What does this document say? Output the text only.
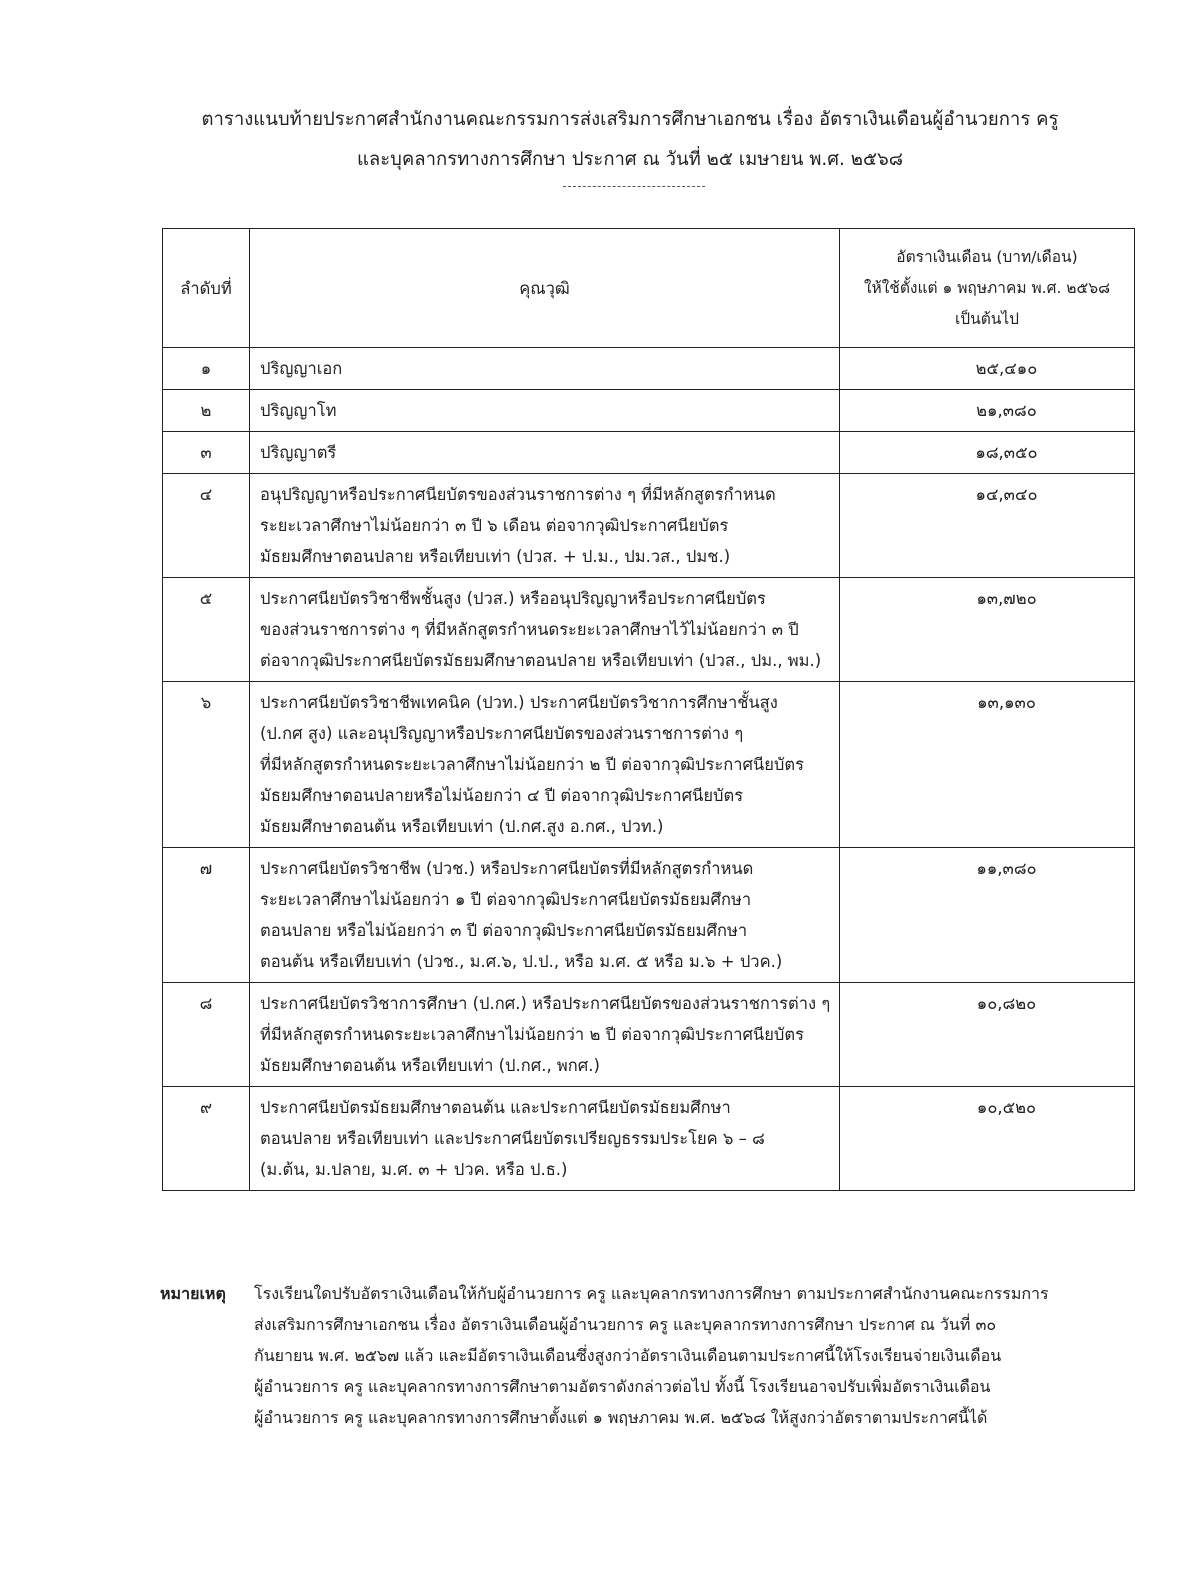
ตารางแนบท้ายประกาศสำนักงานคณะกรรมการส่งเสริมการศึกษาเอกชน เรื่อง อัตราเงินเดือนผู้อำนวยการ ครู
และบุคลากรทางการศึกษา ประกาศ ณ วันที่ ๒๕ เมษายน พ.ศ. ๒๕๖๘
ลำดับที่	คุณวุฒิ	อัตราเงินเดือน (บาท/เดือน)
ให้ใช้ตั้งแต่ ๑ พฤษภาคม พ.ศ. ๒๕๖๘
เป็นต้นไป

๑	ปริญญาเอก	๒๕,๔๑๐
๒	ปริญญาโท	๒๑,๓๘๐
๓	ปริญญาตรี	๑๘,๓๕๐
๔	อนุปริญญาหรือประกาศนียบัตรของส่วนราชการต่าง ๆ ที่มีหลักสูตรกำหนด
ระยะเวลาศึกษาไม่น้อยกว่า ๓ ปี ๖ เดือน ต่อจากวุฒิประกาศนียบัตร
มัธยมศึกษาตอนปลาย หรือเทียบเท่า (ปวส. + ป.ม., ปม.วส., ปมช.)	๑๔,๓๔๐
๕	ประกาศนียบัตรวิชาชีพชั้นสูง (ปวส.) หรืออนุปริญญาหรือประกาศนียบัตร
ของส่วนราชการต่าง ๆ ที่มีหลักสูตรกำหนดระยะเวลาศึกษาไว้ไม่น้อยกว่า ๓ ปี
ต่อจากวุฒิประกาศนียบัตรมัธยมศึกษาตอนปลาย หรือเทียบเท่า (ปวส., ปม., พม.)	๑๓,๗๒๐
๖	ประกาศนียบัตรวิชาชีพเทคนิค (ปวท.) ประกาศนียบัตรวิชาการศึกษาชั้นสูง
(ป.กศ สูง) และอนุปริญญาหรือประกาศนียบัตรของส่วนราชการต่าง ๆ
ที่มีหลักสูตรกำหนดระยะเวลาศึกษาไม่น้อยกว่า ๒ ปี ต่อจากวุฒิประกาศนียบัตร
มัธยมศึกษาตอนปลายหรือไม่น้อยกว่า ๔ ปี ต่อจากวุฒิประกาศนียบัตร
มัธยมศึกษาตอนต้น หรือเทียบเท่า (ป.กศ.สูง อ.กศ., ปวท.)	๑๓,๑๓๐
๗	ประกาศนียบัตรวิชาชีพ (ปวช.) หรือประกาศนียบัตรที่มีหลักสูตรกำหนด
ระยะเวลาศึกษาไม่น้อยกว่า ๑ ปี ต่อจากวุฒิประกาศนียบัตรมัธยมศึกษา
ตอนปลาย หรือไม่น้อยกว่า ๓ ปี ต่อจากวุฒิประกาศนียบัตรมัธยมศึกษา
ตอนต้น หรือเทียบเท่า (ปวช., ม.ศ.๖, ป.ป., หรือ ม.ศ. ๕ หรือ ม.๖ + ปวค.)	๑๑,๓๘๐
๘	ประกาศนียบัตรวิชาการศึกษา (ป.กศ.) หรือประกาศนียบัตรของส่วนราชการต่าง ๆ
ที่มีหลักสูตรกำหนดระยะเวลาศึกษาไม่น้อยกว่า ๒ ปี ต่อจากวุฒิประกาศนียบัตร
มัธยมศึกษาตอนต้น หรือเทียบเท่า (ป.กศ., พกศ.)	๑๐,๘๒๐
๙	ประกาศนียบัตรมัธยมศึกษาตอนต้น และประกาศนียบัตรมัธยมศึกษา
ตอนปลาย หรือเทียบเท่า และประกาศนียบัตรเปรียญธรรมประโยค ๖ – ๘
(ม.ต้น, ม.ปลาย, ม.ศ. ๓ + ปวค. หรือ ป.ธ.)	๑๐,๕๒๐
หมายเหตุ โรงเรียนใดปรับอัตราเงินเดือนให้กับผู้อำนวยการ ครู และบุคลากรทางการศึกษา ตามประกาศสำนักงานคณะกรรมการ
ส่งเสริมการศึกษาเอกชน เรื่อง อัตราเงินเดือนผู้อำนวยการ ครู และบุคลากรทางการศึกษา ประกาศ ณ วันที่ ๓๐
กันยายน พ.ศ. ๒๕๖๗ แล้ว และมีอัตราเงินเดือนซึ่งสูงกว่าอัตราเงินเดือนตามประกาศนี้ให้โรงเรียนจ่ายเงินเดือน
ผู้อำนวยการ ครู และบุคลากรทางการศึกษาตามอัตราดังกล่าวต่อไป ทั้งนี้ โรงเรียนอาจปรับเพิ่มอัตราเงินเดือน
ผู้อำนวยการ ครู และบุคลากรทางการศึกษาตั้งแต่ ๑ พฤษภาคม พ.ศ. ๒๕๖๘ ให้สูงกว่าอัตราตามประกาศนี้ได้
